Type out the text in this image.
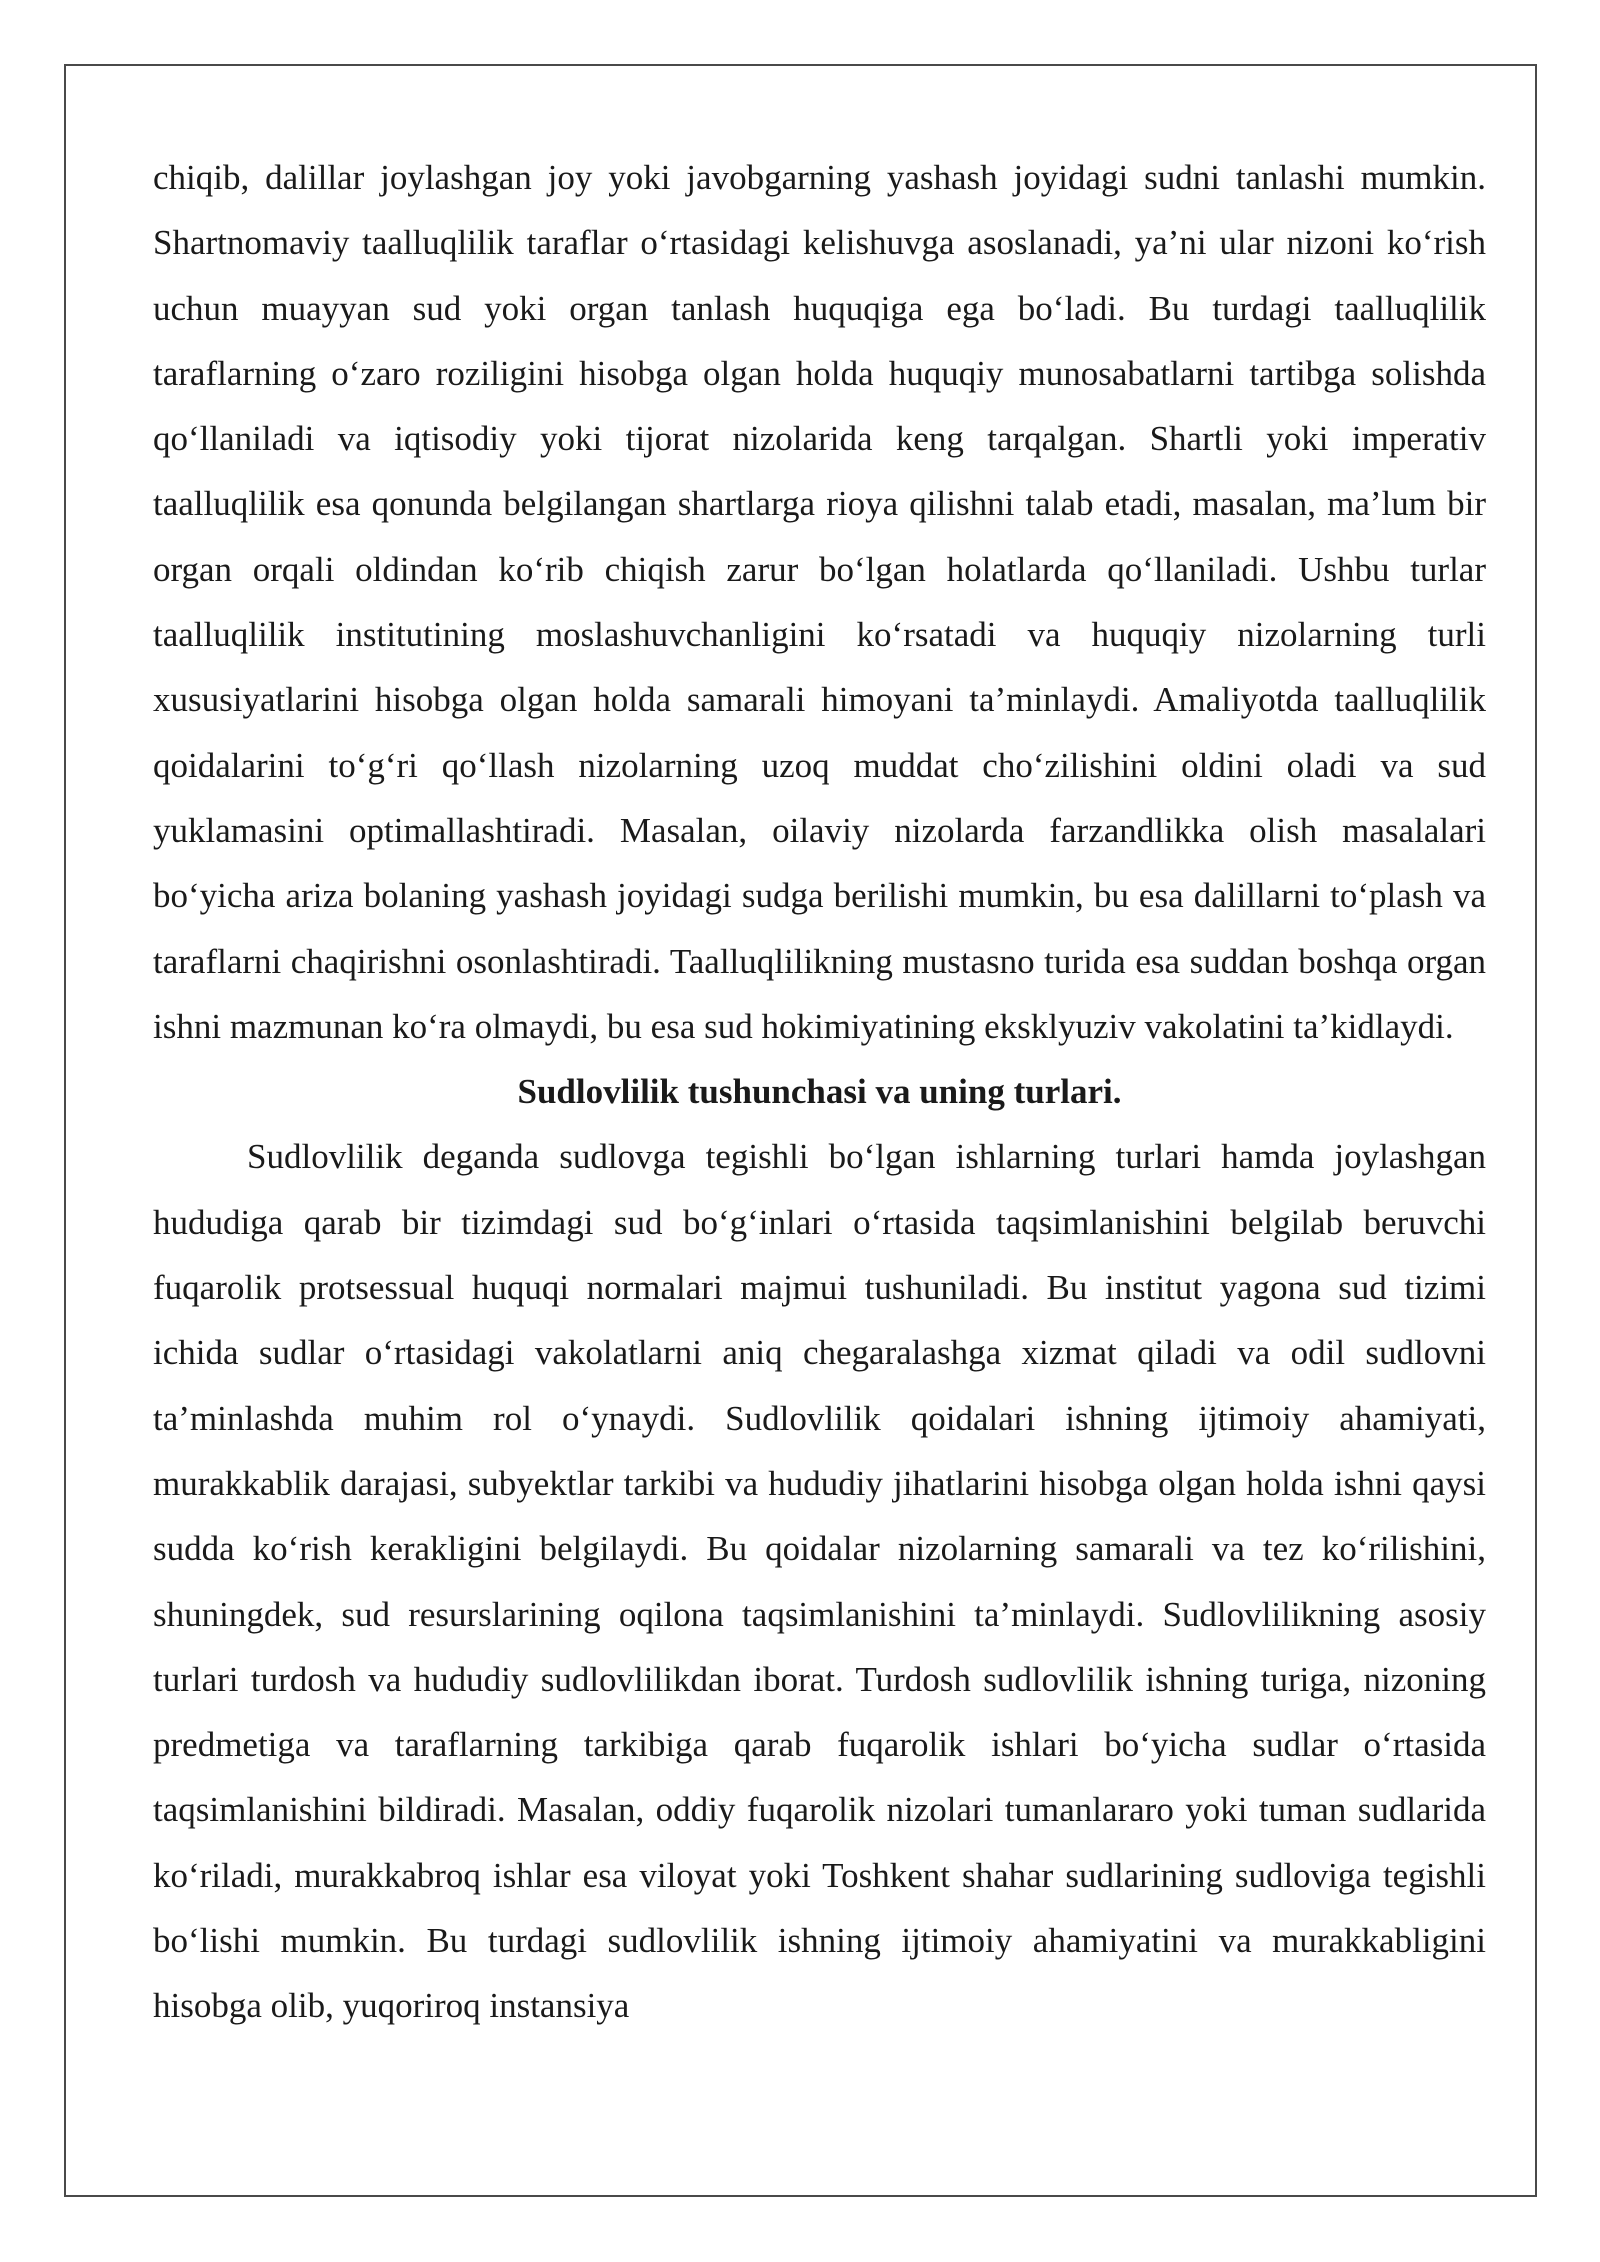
chiqib, dalillar joylashgan joy yoki javobgarning yashash joyidagi sudni tanlashi mumkin. Shartnomaviy taalluqlilik taraflar o‘rtasidagi kelishuvga asoslanadi, ya’ni ular nizoni ko‘rish uchun muayyan sud yoki organ tanlash huquqiga ega bo‘ladi. Bu turdagi taalluqlilik taraflarning o‘zaro roziligini hisobga olgan holda huquqiy munosabatlarni tartibga solishda qo‘llaniladi va iqtisodiy yoki tijorat nizolarida keng tarqalgan. Shartli yoki imperativ taalluqlilik esa qonunda belgilangan shartlarga rioya qilishni talab etadi, masalan, ma’lum bir organ orqali oldindan ko‘rib chiqish zarur bo‘lgan holatlarda qo‘llaniladi. Ushbu turlar taalluqlilik institutining moslashuvchanligini ko‘rsatadi va huquqiy nizolarning turli xususiyatlarini hisobga olgan holda samarali himoyani ta’minlaydi. Amaliyotda taalluqlilik qoidalarini to‘g‘ri qo‘llash nizolarning uzoq muddat cho‘zilishini oldini oladi va sud yuklamasini optimallashtiradi. Masalan, oilaviy nizolarda farzandlikka olish masalalari bo‘yicha ariza bolaning yashash joyidagi sudga berilishi mumkin, bu esa dalillarni to‘plash va taraflarni chaqirishni osonlashtiradi. Taalluqlilikning mustasno turida esa suddan boshqa organ ishni mazmunan ko‘ra olmaydi, bu esa sud hokimiyatining eksklyuziv vakolatini ta’kidlaydi.

Sudlovlilik tushunchasi va uning turlari.

Sudlovlilik deganda sudlovga tegishli bo‘lgan ishlarning turlari hamda joylashgan hududiga qarab bir tizimdagi sud bo‘g‘inlari o‘rtasida taqsimlanishini belgilab beruvchi fuqarolik protsessual huquqi normalari majmui tushuniladi. Bu institut yagona sud tizimi ichida sudlar o‘rtasidagi vakolatlarni aniq chegaralashga xizmat qiladi va odil sudlovni ta’minlashda muhim rol o‘ynaydi. Sudlovlilik qoidalari ishning ijtimoiy ahamiyati, murakkablik darajasi, subyektlar tarkibi va hududiy jihatlarini hisobga olgan holda ishni qaysi sudda ko‘rish kerakligini belgilaydi. Bu qoidalar nizolarning samarali va tez ko‘rilishini, shuningdek, sud resurslarining oqilona taqsimlanishini ta’minlaydi. Sudlovlilikning asosiy turlari turdosh va hududiy sudlovlilikdan iborat. Turdosh sudlovlilik ishning turiga, nizoning predmetiga va taraflarning tarkibiga qarab fuqarolik ishlari bo‘yicha sudlar o‘rtasida taqsimlanishini bildiradi. Masalan, oddiy fuqarolik nizolari tumanlararo yoki tuman sudlarida ko‘riladi, murakkabroq ishlar esa viloyat yoki Toshkent shahar sudlarining sudloviga tegishli bo‘lishi mumkin. Bu turdagi sudlovlilik ishning ijtimoiy ahamiyatini va murakkabligini hisobga olib, yuqoriroq instansiya
